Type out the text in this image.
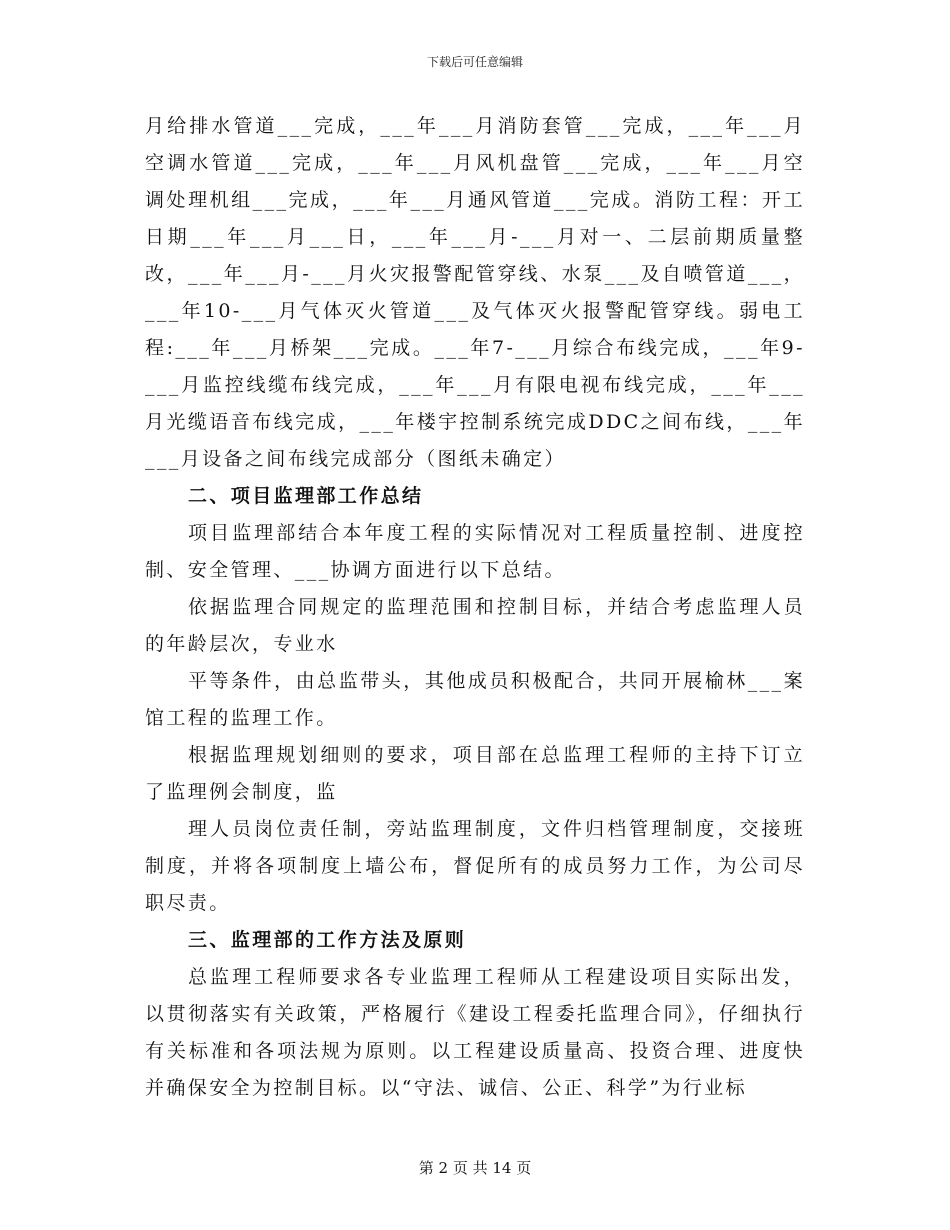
下载后可任意编辑

月给排水管道___完成，___年___月消防套管___完成，___年___月空调水管道___完成，___年___月风机盘管___完成，___年___月空调处理机组___完成，___年___月通风管道___完成。消防工程：开工日期___年___月___日，___年___月-___月对一、二层前期质量整改，___年___月-___月火灾报警配管穿线、水泵___及自喷管道___，___年10-___月气体灭火管道___及气体灭火报警配管穿线。弱电工程:___年___月桥架___完成。___年7-___月综合布线完成，___年9-___月监控线缆布线完成，___年___月有限电视布线完成，___年___月光缆语音布线完成，___年楼宇控制系统完成DDC之间布线，___年___月设备之间布线完成部分（图纸未确定）

二、项目监理部工作总结

项目监理部结合本年度工程的实际情况对工程质量控制、进度控制、安全管理、___协调方面进行以下总结。

依据监理合同规定的监理范围和控制目标，并结合考虑监理人员的年龄层次，专业水

平等条件，由总监带头，其他成员积极配合，共同开展榆林___案馆工程的监理工作。

根据监理规划细则的要求，项目部在总监理工程师的主持下订立了监理例会制度，监

理人员岗位责任制，旁站监理制度，文件归档管理制度，交接班制度，并将各项制度上墙公布，督促所有的成员努力工作，为公司尽职尽责。

三、监理部的工作方法及原则

总监理工程师要求各专业监理工程师从工程建设项目实际出发，以贯彻落实有关政策，严格履行《建设工程委托监理合同》，仔细执行有关标准和各项法规为原则。以工程建设质量高、投资合理、进度快并确保安全为控制目标。以“守法、诚信、公正、科学”为行业标

第 2 页 共 14 页
